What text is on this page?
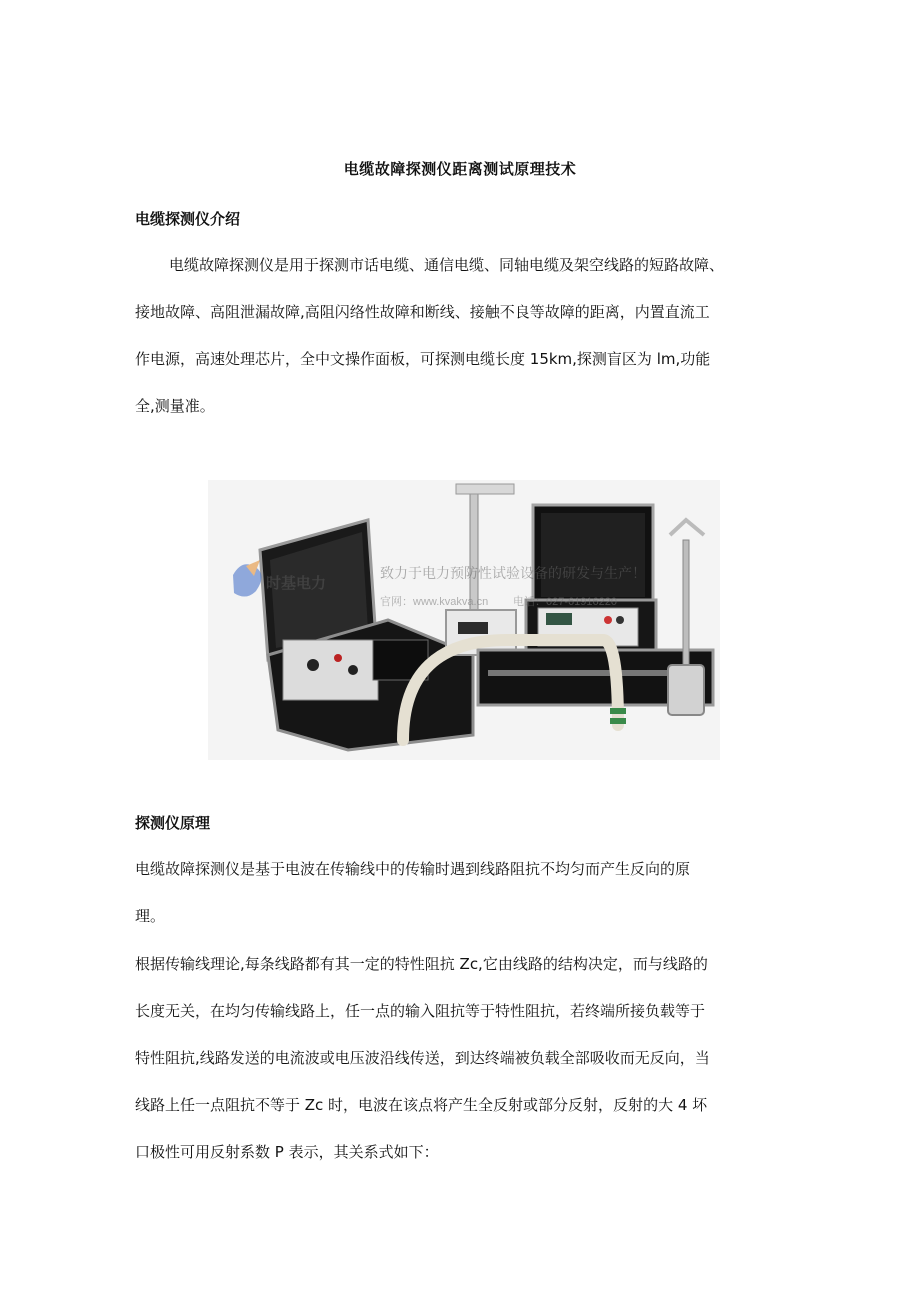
电缆故障探测仪距离测试原理技术
电缆探测仪介绍
电缆故障探测仪是用于探测市话电缆、通信电缆、同轴电缆及架空线路的短路故障、
接地故障、高阻泄漏故障,高阻闪络性故障和断线、接触不良等故障的距离，内置直流工
作电源，高速处理芯片，全中文操作面板，可探测电缆长度 15km,探测盲区为 lm,功能
全,测量准。
时基电力
致力于电力预防性试验设备的研发与生产！
官网：www.kvakva.cn 电话：027-61916220
探测仪原理
电缆故障探测仪是基于电波在传输线中的传输时遇到线路阻抗不均匀而产生反向的原
理。
根据传输线理论,每条线路都有其一定的特性阻抗 Zc,它由线路的结构决定，而与线路的
长度无关，在均匀传输线路上，任一点的输入阻抗等于特性阻抗，若终端所接负载等于
特性阻抗,线路发送的电流波或电压波沿线传送，到达终端被负载全部吸收而无反向，当
线路上任一点阻抗不等于 Zc 时，电波在该点将产生全反射或部分反射，反射的大 4 坏
口极性可用反射系数 P 表示，其关系式如下：
